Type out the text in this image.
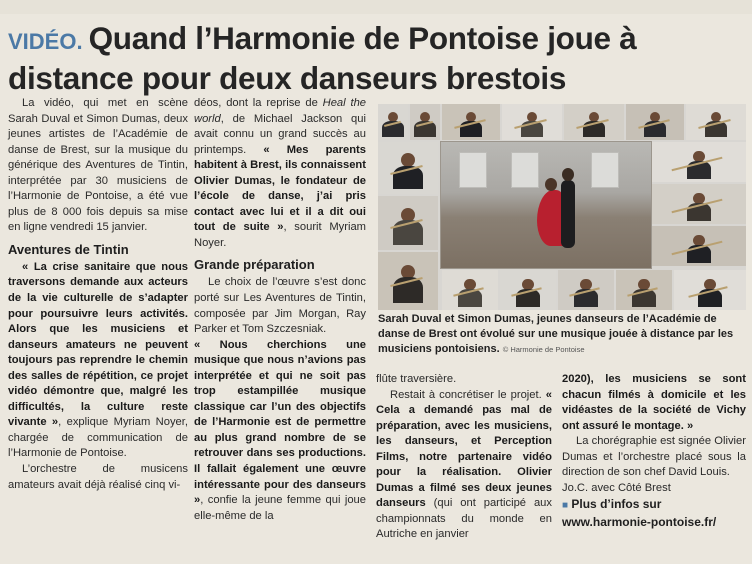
VIDÉO. Quand l’Harmonie de Pontoise joue à distance pour deux danseurs brestois

La vidéo, qui met en scène Sarah Duval et Simon Dumas, deux jeunes artistes de l’Académie de danse de Brest, sur la musique du générique des Aventures de Tintin, interprétée par 30 musiciens de l’Harmonie de Pontoise, a été vue plus de 8 000 fois depuis sa mise en ligne vendredi 15 janvier.

Aventures de Tintin

« La crise sanitaire que nous traversons demande aux acteurs de la vie culturelle de s’adapter pour poursuivre leurs activités. Alors que les musiciens et danseurs amateurs ne peuvent toujours pas reprendre le chemin des salles de répétition, ce projet vidéo démontre que, malgré les difficultés, la culture reste vivante », explique Myriam Noyer, chargée de communication de l’Harmonie de Pontoise.

L’orchestre de musicens amateurs avait déjà réalisé cinq vi-

déos, dont la reprise de Heal the world, de Michael Jackson qui avait connu un grand succès au printemps. « Mes parents habitent à Brest, ils connaissent Olivier Dumas, le fondateur de l’école de danse, j’ai pris contact avec lui et il a dit oui tout de suite », sourit Myriam Noyer.

Grande préparation

Le choix de l’œuvre s’est donc porté sur Les Aventures de Tintin, composée par Jim Morgan, Ray Parker et Tom Szczesniak.

« Nous cherchions une musique que nous n’avions pas interprétée et qui ne soit pas trop estampillée musique classique car l’un des objectifs de l’Harmonie est de permettre au plus grand nombre de se retrouver dans ses productions. Il fallait également une œuvre intéressante pour des danseurs », confie la jeune femme qui joue elle-même de la

Sarah Duval et Simon Dumas, jeunes danseurs de l’Académie de danse de Brest ont évolué sur une musique jouée à distance par les musiciens pontoisiens. © Harmonie de Pontoise

flûte traversière.

Restait à concrétiser le projet. « Cela a demandé pas mal de préparation, avec les musiciens, les danseurs, et Perception Films, notre partenaire vidéo pour la réalisation. Olivier Dumas a filmé ses deux jeunes danseurs (qui ont participé aux championnats du monde en Autriche en janvier

2020), les musiciens se sont chacun filmés à domicile et les vidéastes de la société de Vichy ont assuré le montage. »

La chorégraphie est signée Olivier Dumas et l’orchestre placé sous la direction de son chef David Louis.

Jo.C. avec Côté Brest

■ Plus d’infos sur
www.harmonie-pontoise.fr/
